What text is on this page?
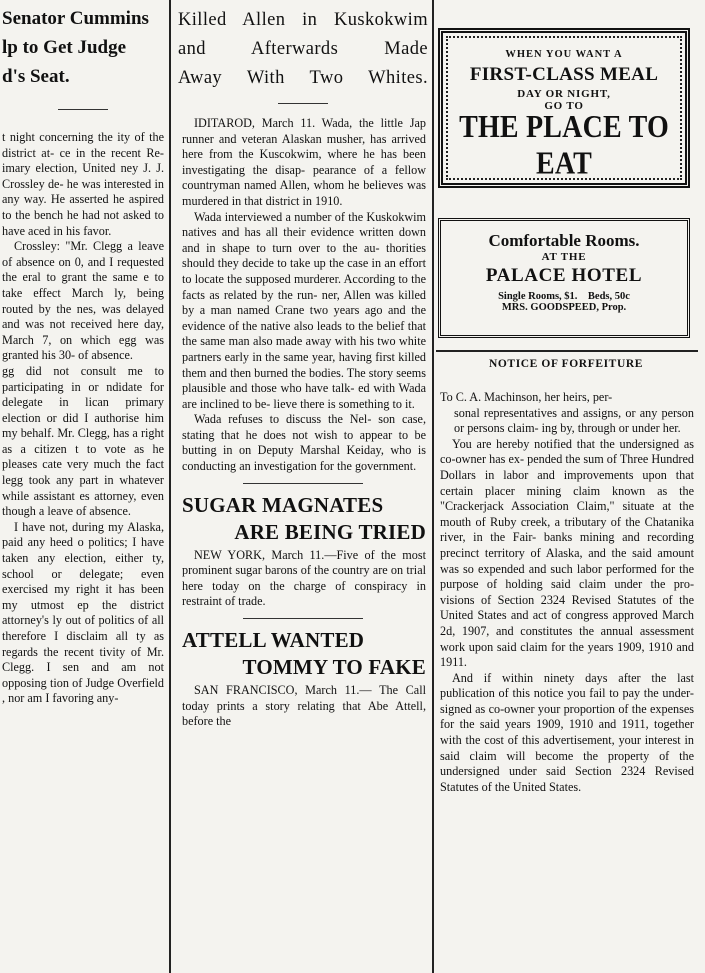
Senator Cummins
lp to Get Judge
d's Seat.

t night concerning the ity of the district at- ce in the recent Re- imary election, United ney J. J. Crossley de- he was interested in any way. He asserted he aspired to the bench he had not asked to have aced in his favor.

Crossley: "Mr. Clegg a leave of absence on 0, and I requested the eral to grant the same e to take effect March ly, being routed by the nes, was delayed and was not received here day, March 7, on which egg was granted his 30- of absence.

gg did not consult me to participating in or ndidate for delegate in lican primary election or did I authorise him my behalf. Mr. Clegg, has a right as a citizen t to vote as he pleases cate very much the fact legg took any part in whatever while assistant es attorney, even though a leave of absence.

I have not, during my Alaska, paid any heed o politics; I have taken any election, either ty, school or delegate; even exercised my right it has been my utmost ep the district attorney's ly out of politics of all therefore I disclaim all ty as regards the recent tivity of Mr. Clegg. I sen and am not opposing tion of Judge Overfield , nor am I favoring any-

Killed Allen in Kuskokwim
and Afterwards Made
Away With Two Whites.

IDITAROD, March 11. Wada, the little Jap runner and veteran Alaskan musher, has arrived here from the Kuscokwim, where he has been investigating the disap- pearance of a fellow countryman named Allen, whom he believes was murdered in that district in 1910.

Wada interviewed a number of the Kuskokwim natives and has all their evidence written down and in shape to turn over to the au- thorities should they decide to take up the case in an effort to locate the supposed murderer. According to the facts as related by the run- ner, Allen was killed by a man named Crane two years ago and the evidence of the native also leads to the belief that the same man also made away with his two white partners early in the same year, having first killed them and then burned the bodies. The story seems plausible and those who have talk- ed with Wada are inclined to be- lieve there is something to it.

Wada refuses to discuss the Nel- son case, stating that he does not wish to appear to be butting in on Deputy Marshal Keiday, who is conducting an investigation for the government.

SUGAR MAGNATES
ARE BEING TRIED

NEW YORK, March 11.—Five of the most prominent sugar barons of the country are on trial here today on the charge of conspiracy in restraint of trade.

ATTELL WANTED
TOMMY TO FAKE

SAN FRANCISCO, March 11.— The Call today prints a story relating that Abe Attell, before the

WHEN YOU WANT A
FIRST-CLASS MEAL
DAY OR NIGHT,
GO TO
THE PLACE TO EAT
Comfortable Rooms.
AT THE
PALACE HOTEL
Single Rooms, $1.    Beds, 50c
MRS. GOODSPEED, Prop.
NOTICE OF FORFEITURE

To C. A. Machinson, her heirs, per-
sonal representatives and assigns, or any person or persons claim- ing by, through or under her.

You are hereby notified that the undersigned as co-owner has ex- pended the sum of Three Hundred Dollars in labor and improvements upon that certain placer mining claim known as the "Crackerjack Association Claim," situate at the mouth of Ruby creek, a tributary of the Chatanika river, in the Fair- banks mining and recording precinct territory of Alaska, and the said amount was so expended and such labor performed for the purpose of holding said claim under the pro- visions of Section 2324 Revised Statutes of the United States and act of congress approved March 2d, 1907, and constitutes the annual assessment work upon said claim for the years 1909, 1910 and 1911.

And if within ninety days after the last publication of this notice you fail to pay the under- signed as co-owner your proportion of the expenses for the said years 1909, 1910 and 1911, together with the cost of this advertisement, your interest in said claim will become the property of the undersigned under said Section 2324 Revised Statutes of the United States.
